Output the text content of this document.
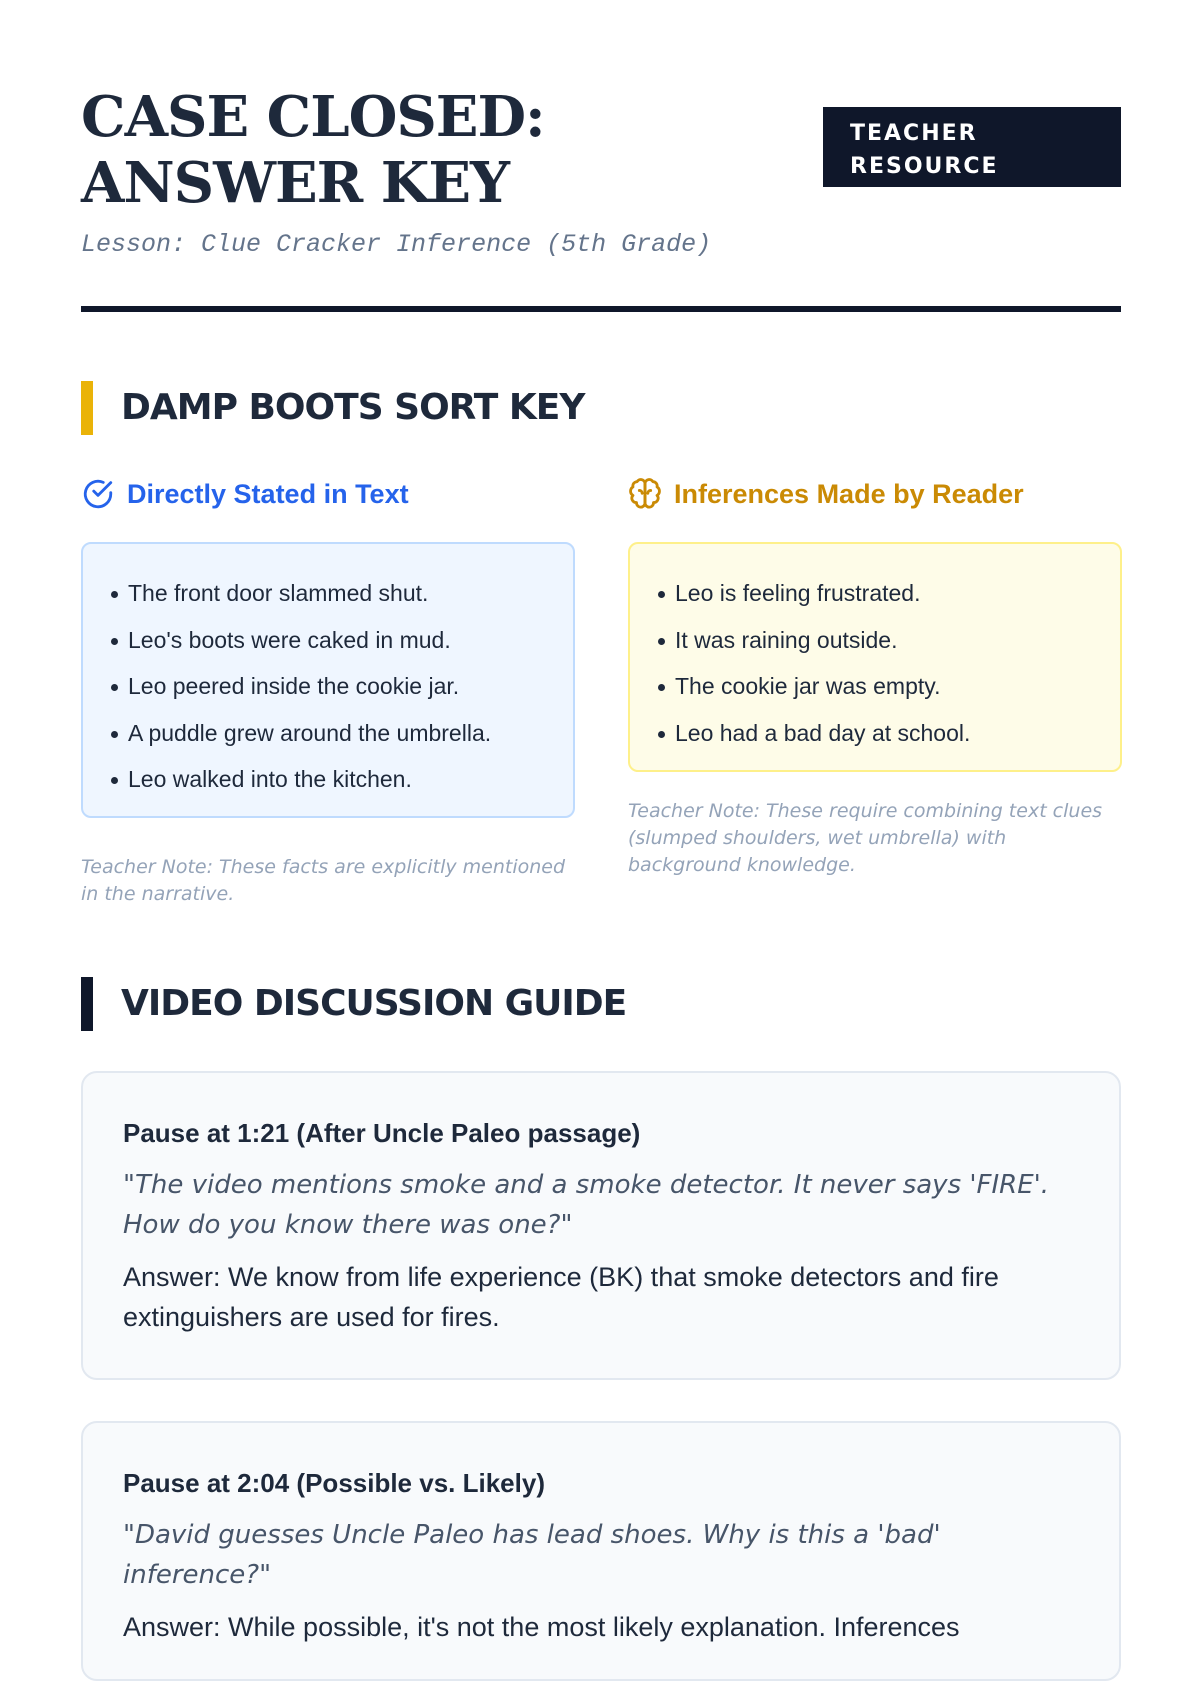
CASE CLOSED: ANSWER KEY
TEACHER RESOURCE
Lesson: Clue Cracker Inference (5th Grade)
DAMP BOOTS SORT KEY
Directly Stated in Text
The front door slammed shut.
Leo's boots were caked in mud.
Leo peered inside the cookie jar.
A puddle grew around the umbrella.
Leo walked into the kitchen.

Teacher Note: These facts are explicitly mentioned in the narrative.

Inferences Made by Reader
Leo is feeling frustrated.
It was raining outside.
The cookie jar was empty.
Leo had a bad day at school.

Teacher Note: These require combining text clues (slumped shoulders, wet umbrella) with background knowledge.

VIDEO DISCUSSION GUIDE
Pause at 1:21 (After Uncle Paleo passage)

"The video mentions smoke and a smoke detector. It never says 'FIRE'. How do you know there was one?"

Answer: We know from life experience (BK) that smoke detectors and fire extinguishers are used for fires.

Pause at 2:04 (Possible vs. Likely)

"David guesses Uncle Paleo has lead shoes. Why is this a 'bad' inference?"

Answer: While possible, it's not the most likely explanation. Inferences
